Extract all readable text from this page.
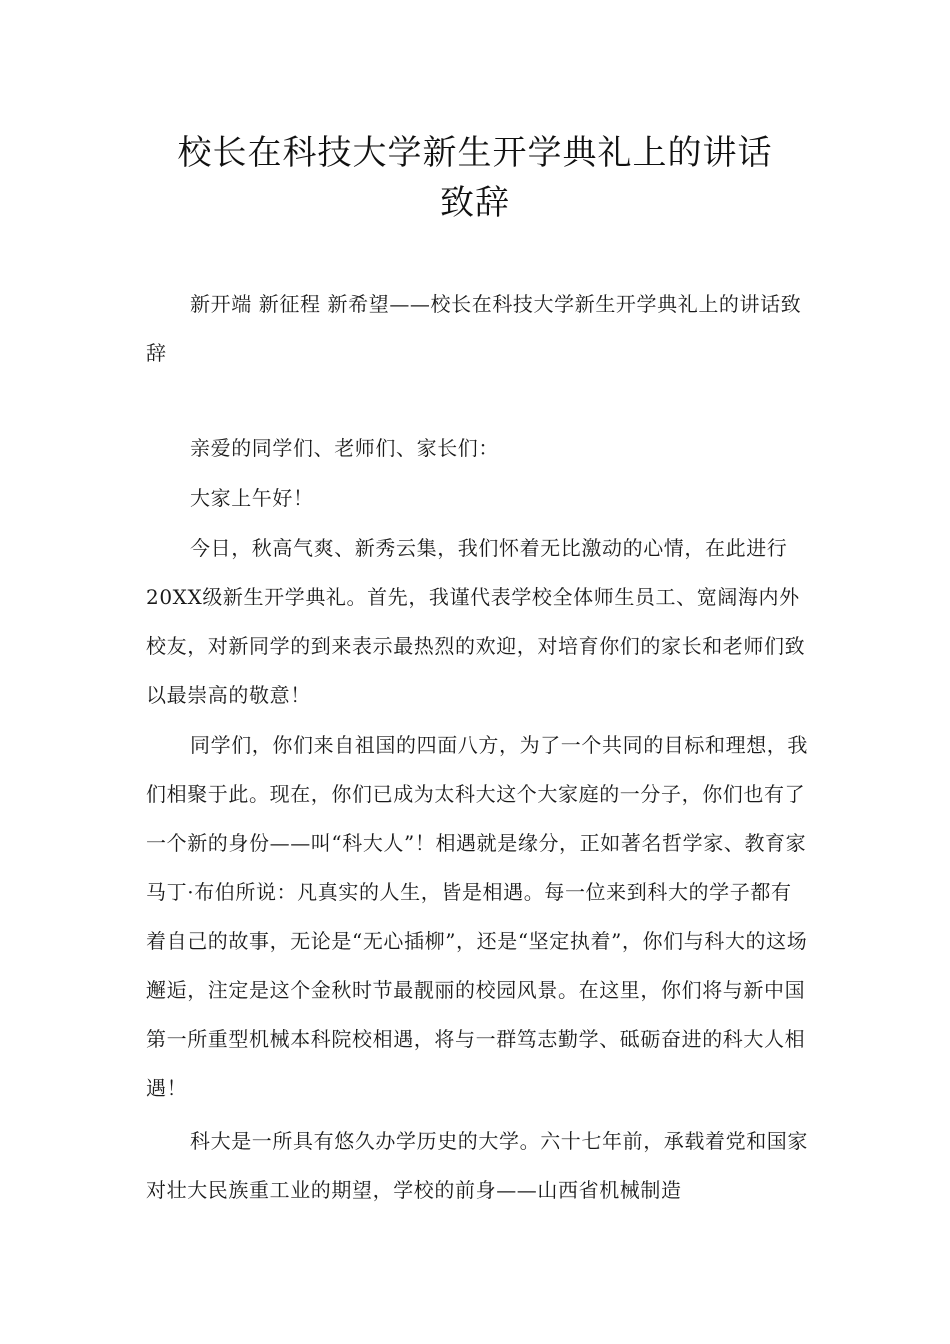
校长在科技大学新生开学典礼上的讲话
致辞

新开端 新征程 新希望——校长在科技大学新生开学典礼上的讲话致辞

亲爱的同学们、老师们、家长们：

大家上午好！

今日，秋高气爽、新秀云集，我们怀着无比激动的心情，在此进行20XX级新生开学典礼。首先，我谨代表学校全体师生员工、宽阔海内外校友，对新同学的到来表示最热烈的欢迎，对培育你们的家长和老师们致以最崇高的敬意！

同学们，你们来自祖国的四面八方，为了一个共同的目标和理想，我们相聚于此。现在，你们已成为太科大这个大家庭的一分子，你们也有了一个新的身份——叫“科大人”！相遇就是缘分，正如著名哲学家、教育家马丁·布伯所说：凡真实的人生，皆是相遇。每一位来到科大的学子都有着自己的故事，无论是“无心插柳”，还是“坚定执着”，你们与科大的这场邂逅，注定是这个金秋时节最靓丽的校园风景。在这里，你们将与新中国第一所重型机械本科院校相遇，将与一群笃志勤学、砥砺奋进的科大人相遇！

科大是一所具有悠久办学历史的大学。六十七年前，承载着党和国家对壮大民族重工业的期望，学校的前身——山西省机械制造
